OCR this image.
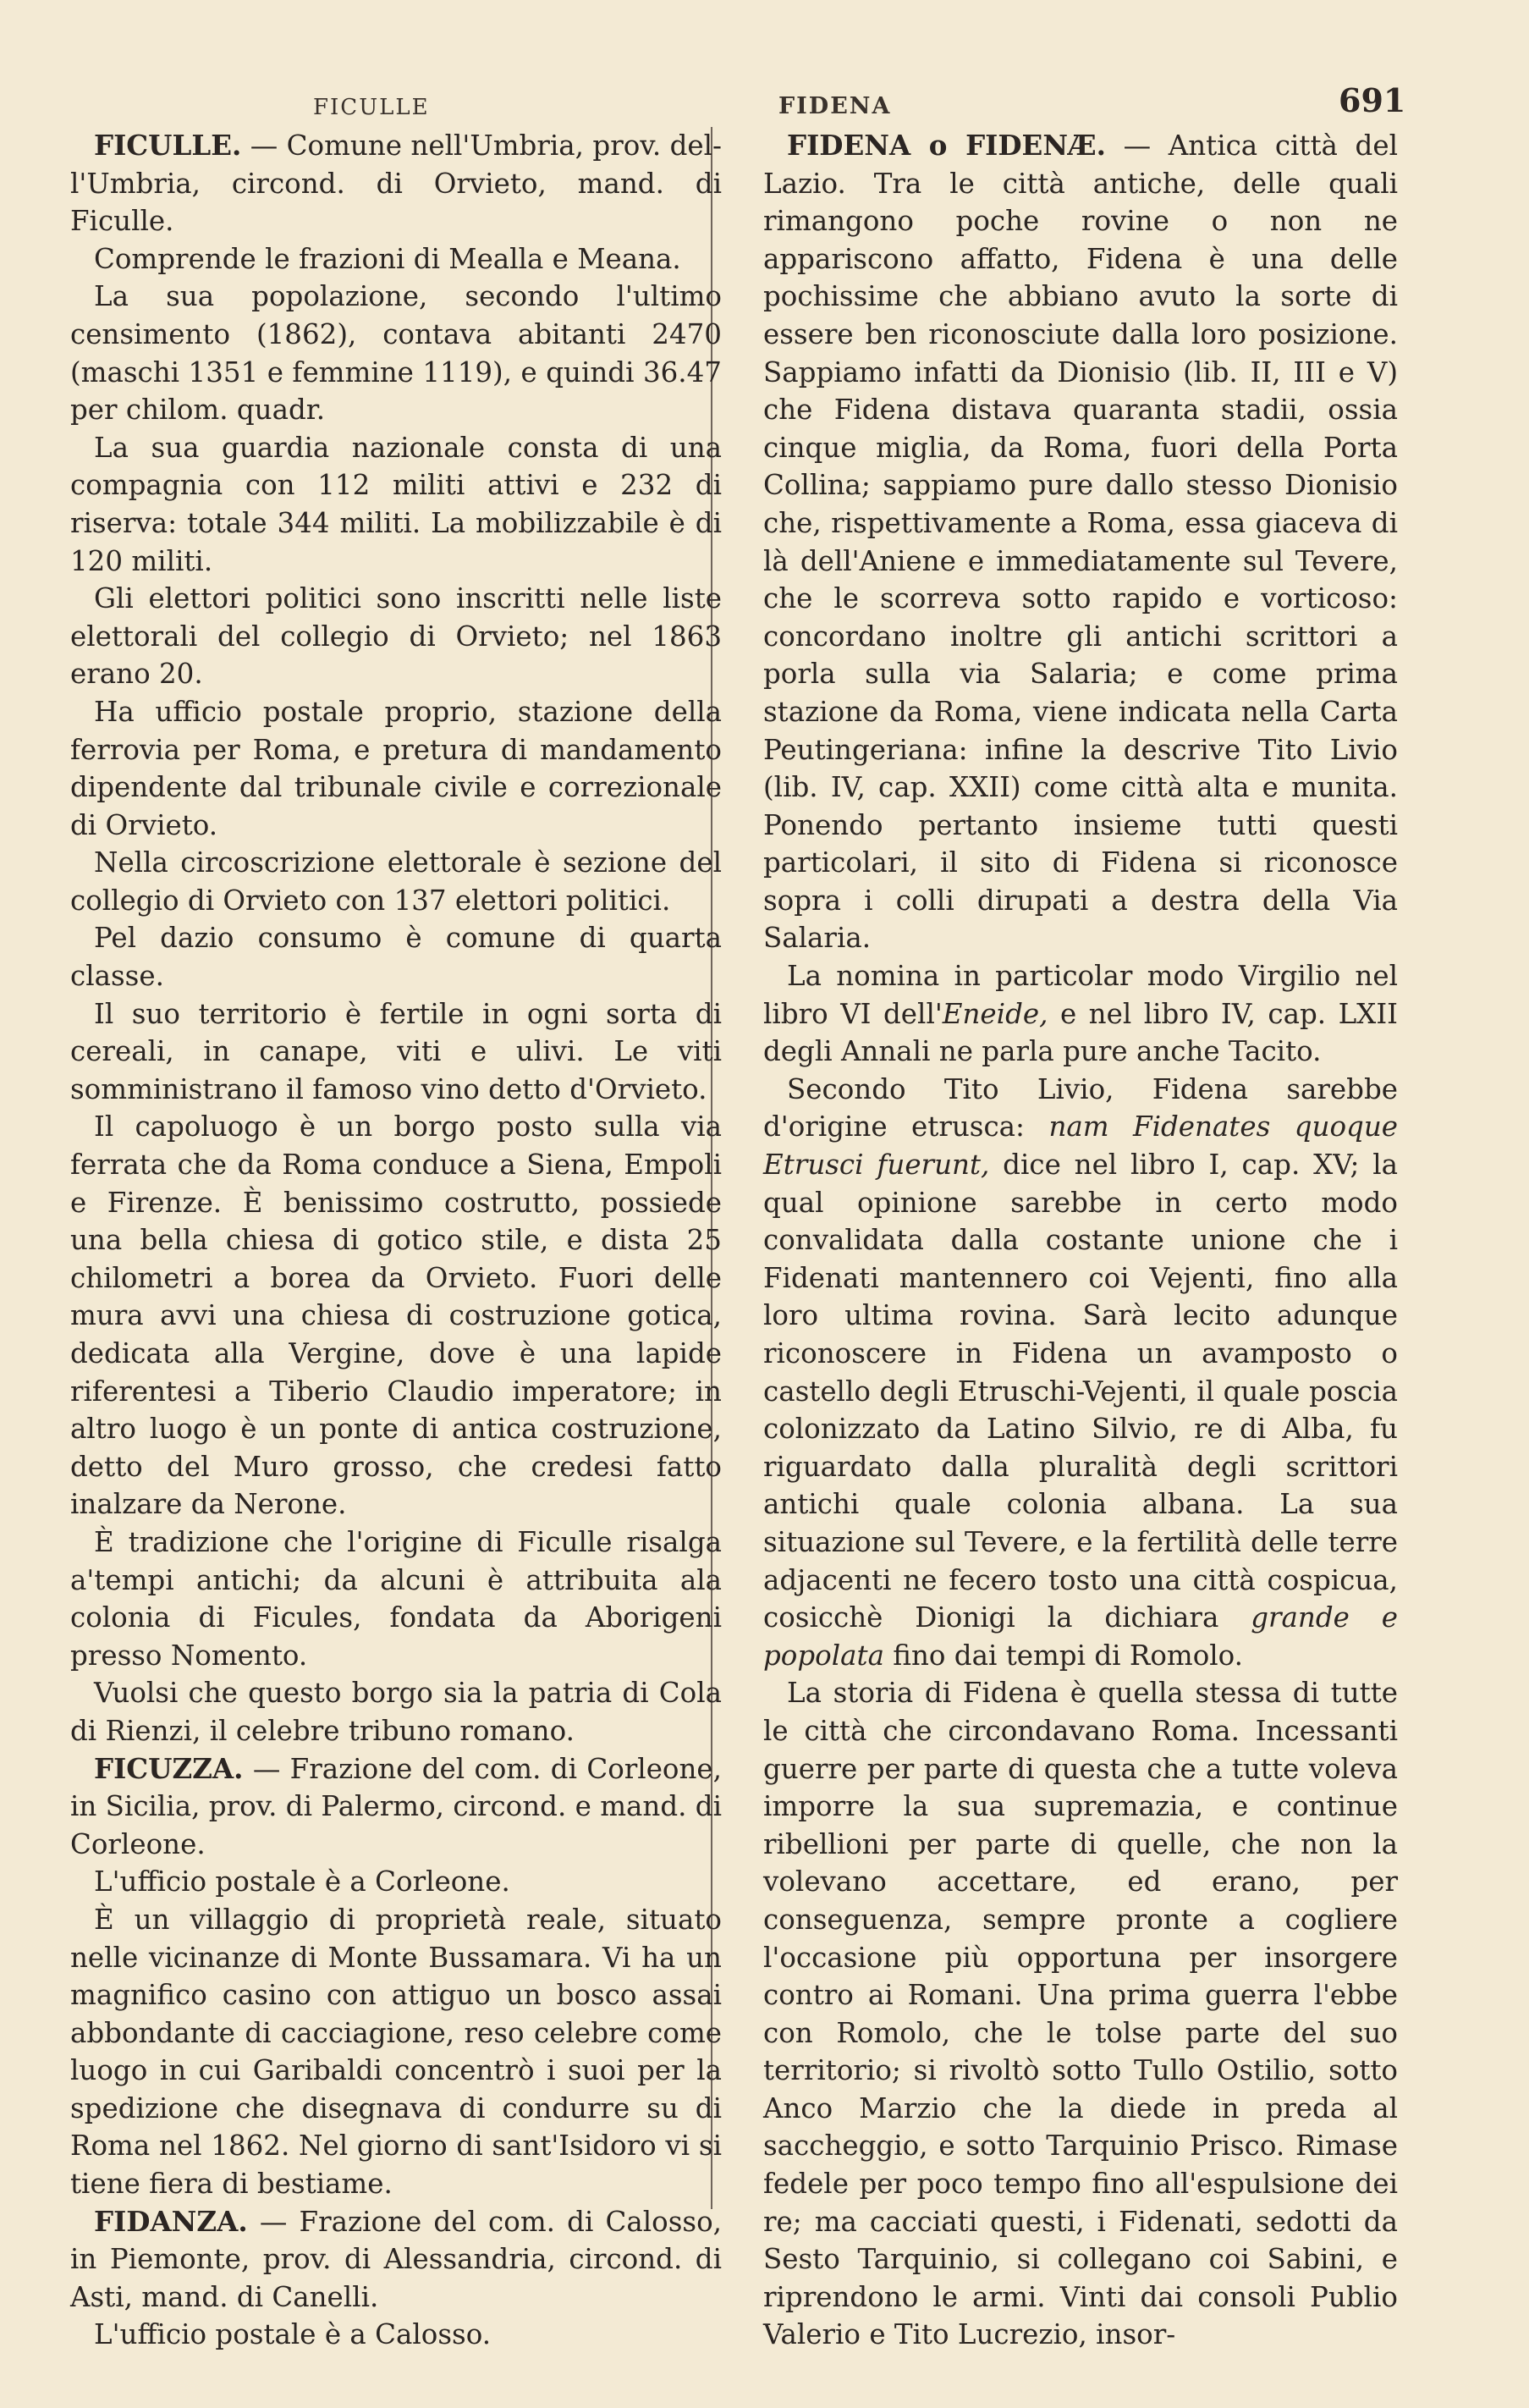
FICULLE	FIDENA	691

FICULLE. — Comune nell'Umbria, prov. del-l'Umbria, circond. di Orvieto, mand. di Ficulle.

Comprende le frazioni di Mealla e Meana.

La sua popolazione, secondo l'ultimo censimento (1862), contava abitanti 2470 (maschi 1351 e femmine 1119), e quindi 36.47 per chilom. quadr.

La sua guardia nazionale consta di una compagnia con 112 militi attivi e 232 di riserva: totale 344 militi. La mobilizzabile è di 120 militi.

Gli elettori politici sono inscritti nelle liste elettorali del collegio di Orvieto; nel 1863 erano 20.

Ha ufficio postale proprio, stazione della ferrovia per Roma, e pretura di mandamento dipendente dal tribunale civile e correzionale di Orvieto.

Nella circoscrizione elettorale è sezione del collegio di Orvieto con 137 elettori politici.

Pel dazio consumo è comune di quarta classe.

Il suo territorio è fertile in ogni sorta di cereali, in canape, viti e ulivi. Le viti somministrano il famoso vino detto d'Orvieto.

Il capoluogo è un borgo posto sulla via ferrata che da Roma conduce a Siena, Empoli e Firenze. È benissimo costrutto, possiede una bella chiesa di gotico stile, e dista 25 chilometri a borea da Orvieto. Fuori delle mura avvi una chiesa di costruzione gotica, dedicata alla Vergine, dove è una lapide riferentesi a Tiberio Claudio imperatore; in altro luogo è un ponte di antica costruzione, detto del Muro grosso, che credesi fatto inalzare da Nerone.

È tradizione che l'origine di Ficulle risalga a'tempi antichi; da alcuni è attribuita ala colonia di Ficules, fondata da Aborigeni presso Nomento.

Vuolsi che questo borgo sia la patria di Cola di Rienzi, il celebre tribuno romano.

FICUZZA. — Frazione del com. di Corleone, in Sicilia, prov. di Palermo, circond. e mand. di Corleone.

L'ufficio postale è a Corleone.

È un villaggio di proprietà reale, situato nelle vicinanze di Monte Bussamara. Vi ha un magnifico casino con attiguo un bosco assai abbondante di cacciagione, reso celebre come luogo in cui Garibaldi concentrò i suoi per la spedizione che disegnava di condurre su di Roma nel 1862. Nel giorno di sant'Isidoro vi si tiene fiera di bestiame.

FIDANZA. — Frazione del com. di Calosso, in Piemonte, prov. di Alessandria, circond. di Asti, mand. di Canelli.

L'ufficio postale è a Calosso.

FIDENA o FIDENÆ. — Antica città del Lazio. Tra le città antiche, delle quali rimangono poche rovine o non ne appariscono affatto, Fidena è una delle pochissime che abbiano avuto la sorte di essere ben riconosciute dalla loro posizione. Sappiamo infatti da Dionisio (lib. II, III e V) che Fidena distava quaranta stadii, ossia cinque miglia, da Roma, fuori della Porta Collina; sappiamo pure dallo stesso Dionisio che, rispettivamente a Roma, essa giaceva di là dell'Aniene e immediatamente sul Tevere, che le scorreva sotto rapido e vorticoso: concordano inoltre gli antichi scrittori a porla sulla via Salaria; e come prima stazione da Roma, viene indicata nella Carta Peutingeriana: infine la descrive Tito Livio (lib. IV, cap. XXII) come città alta e munita. Ponendo pertanto insieme tutti questi particolari, il sito di Fidena si riconosce sopra i colli dirupati a destra della Via Salaria.

La nomina in particolar modo Virgilio nel libro VI dell'Eneide, e nel libro IV, cap. LXII degli Annali ne parla pure anche Tacito.

Secondo Tito Livio, Fidena sarebbe d'origine etrusca: nam Fidenates quoque Etrusci fuerunt, dice nel libro I, cap. XV; la qual opinione sarebbe in certo modo convalidata dalla costante unione che i Fidenati mantennero coi Vejenti, fino alla loro ultima rovina. Sarà lecito adunque riconoscere in Fidena un avamposto o castello degli Etruschi-Vejenti, il quale poscia colonizzato da Latino Silvio, re di Alba, fu riguardato dalla pluralità degli scrittori antichi quale colonia albana. La sua situazione sul Tevere, e la fertilità delle terre adjacenti ne fecero tosto una città cospicua, cosicchè Dionigi la dichiara grande e popolata fino dai tempi di Romolo.

La storia di Fidena è quella stessa di tutte le città che circondavano Roma. Incessanti guerre per parte di questa che a tutte voleva imporre la sua supremazia, e continue ribellioni per parte di quelle, che non la volevano accettare, ed erano, per conseguenza, sempre pronte a cogliere l'occasione più opportuna per insorgere contro ai Romani. Una prima guerra l'ebbe con Romolo, che le tolse parte del suo territorio; si rivoltò sotto Tullo Ostilio, sotto Anco Marzio che la diede in preda al saccheggio, e sotto Tarquinio Prisco. Rimase fedele per poco tempo fino all'espulsione dei re; ma cacciati questi, i Fidenati, sedotti da Sesto Tarquinio, si collegano coi Sabini, e riprendono le armi. Vinti dai consoli Publio Valerio e Tito Lucrezio, insor-
